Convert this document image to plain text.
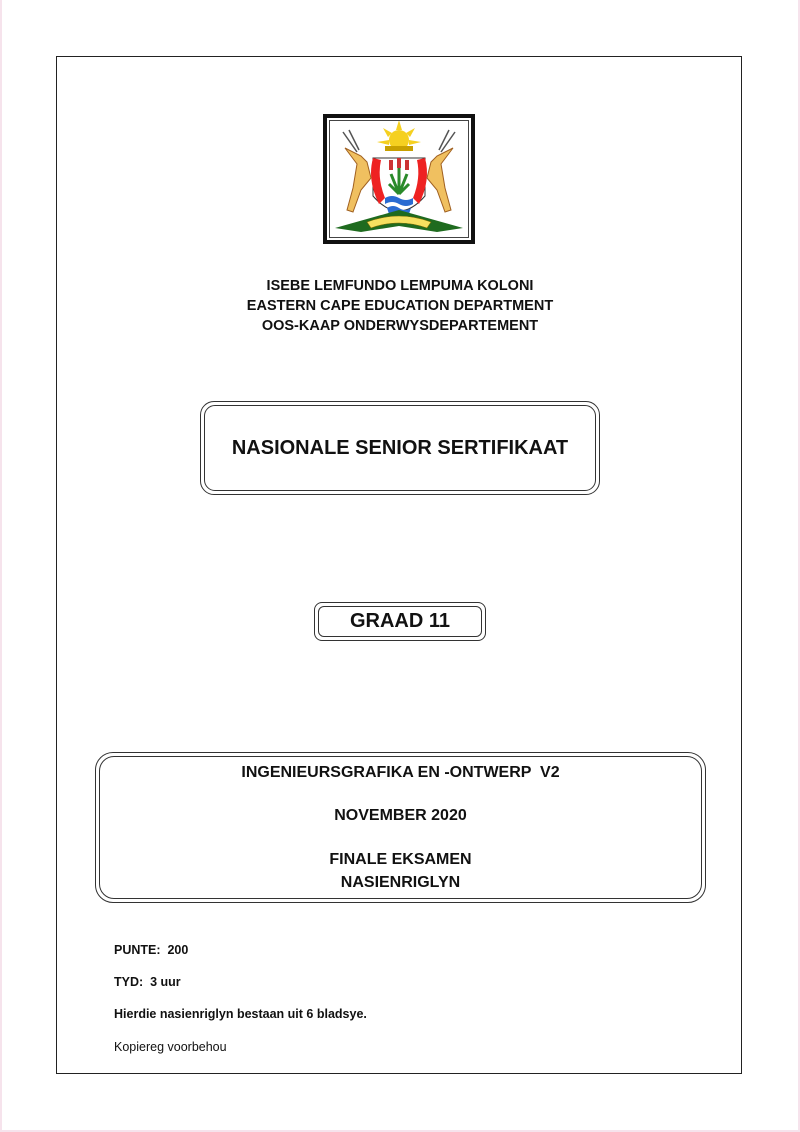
ISEBE LEMFUNDO LEMPUMA KOLONI
EASTERN CAPE EDUCATION DEPARTMENT
OOS-KAAP ONDERWYSDEPARTEMENT
NASIONALE SENIOR SERTIFIKAAT
GRAAD 11
INGENIEURSGRAFIKA EN -ONTWERP  V2
NOVEMBER 2020
FINALE EKSAMEN
NASIENRIGLYN
PUNTE:  200
TYD:  3 uur
Hierdie nasienriglyn bestaan uit 6 bladsye.
Kopiereg voorbehou
